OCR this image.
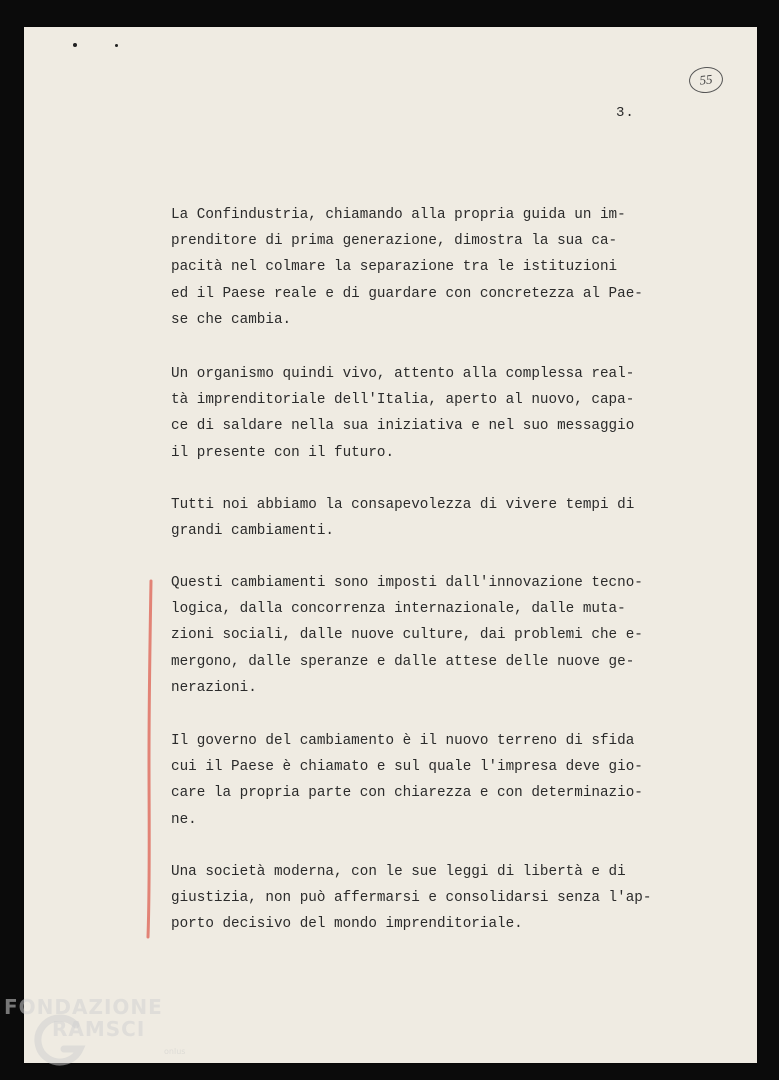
55
3.

La Confindustria, chiamando alla propria guida un im-
prenditore di prima generazione, dimostra la sua ca-
pacità nel colmare la separazione tra le istituzioni
ed il Paese reale e di guardare con concretezza al Pae-
se che cambia.

Un organismo quindi vivo, attento alla complessa real-
tà imprenditoriale dell'Italia, aperto al nuovo, capa-
ce di saldare nella sua iniziativa e nel suo messaggio
il presente con il futuro.

Tutti noi abbiamo la consapevolezza di vivere tempi di
grandi cambiamenti.

Questi cambiamenti sono imposti dall'innovazione tecno-
logica, dalla concorrenza internazionale, dalle muta-
zioni sociali, dalle nuove culture, dai problemi che e-
mergono, dalle speranze e dalle attese delle nuove ge-
nerazioni.

Il governo del cambiamento è il nuovo terreno di sfida
cui il Paese è chiamato e sul quale l'impresa deve gio-
care la propria parte con chiarezza e con determinazio-
ne.

Una società moderna, con le sue leggi di libertà e di
giustizia, non può affermarsi e consolidarsi senza l'ap-
porto decisivo del mondo imprenditoriale.

FONDAZIONE
RAMSCI
onlus
